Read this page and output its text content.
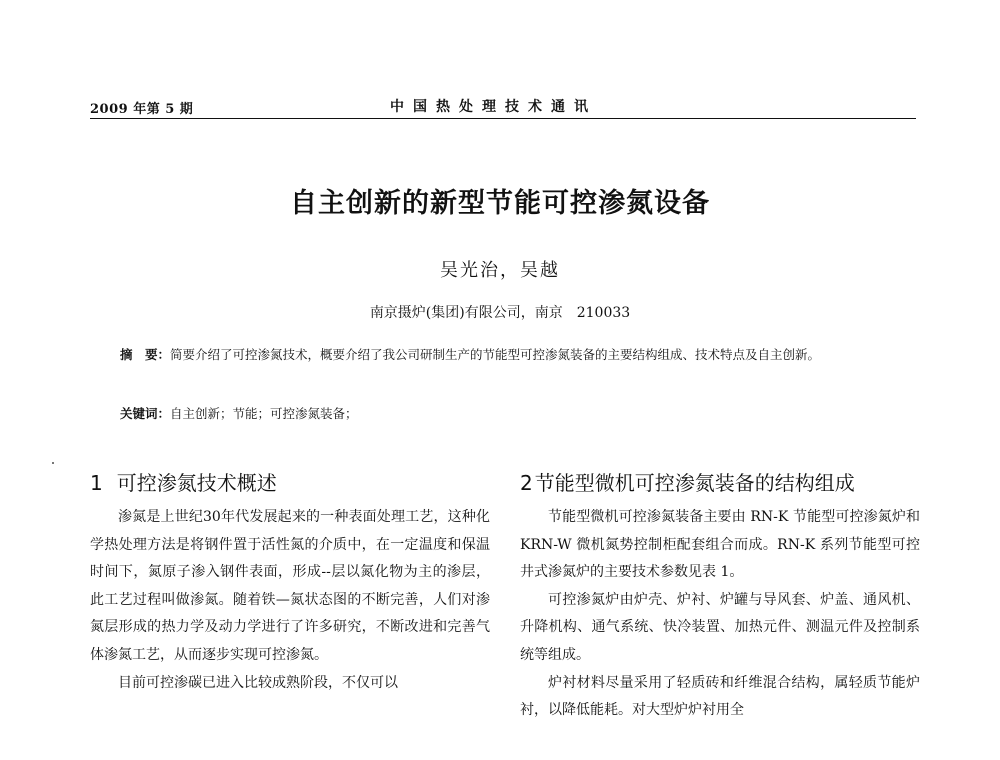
2009 年第 5 期	中国热处理技术通讯
自主创新的新型节能可控渗氮设备
吴光治，吴越
南京摄炉(集团)有限公司，南京　210033
摘　要：简要介绍了可控渗氮技术，概要介绍了我公司研制生产的节能型可控渗氮装备的主要结构组成、技术特点及自主创新。
关键词：自主创新；节能；可控渗氮装备；
1 可控渗氮技术概述

渗氮是上世纪30年代发展起来的一种表面处理工艺，这种化学热处理方法是将钢件置于活性氮的介质中，在一定温度和保温时间下，氮原子渗入钢件表面，形成--层以氮化物为主的渗层，此工艺过程叫做渗氮。随着铁—氮状态图的不断完善，人们对渗氮层形成的热力学及动力学进行了许多研究，不断改进和完善气体渗氮工艺，从而逐步实现可控渗氮。

目前可控渗碳已进入比较成熟阶段，不仅可以

2 节能型微机可控渗氮装备的结构组成

节能型微机可控渗氮装备主要由 RN-K 节能型可控渗氮炉和 KRN-W 微机氮势控制柜配套组合而成。RN-K 系列节能型可控井式渗氮炉的主要技术参数见表 1。

可控渗氮炉由炉壳、炉衬、炉罐与导风套、炉盖、通风机、升降机构、通气系统、快冷装置、加热元件、测温元件及控制系统等组成。

炉衬材料尽量采用了轻质砖和纤维混合结构，属轻质节能炉衬，以降低能耗。对大型炉炉衬用全
